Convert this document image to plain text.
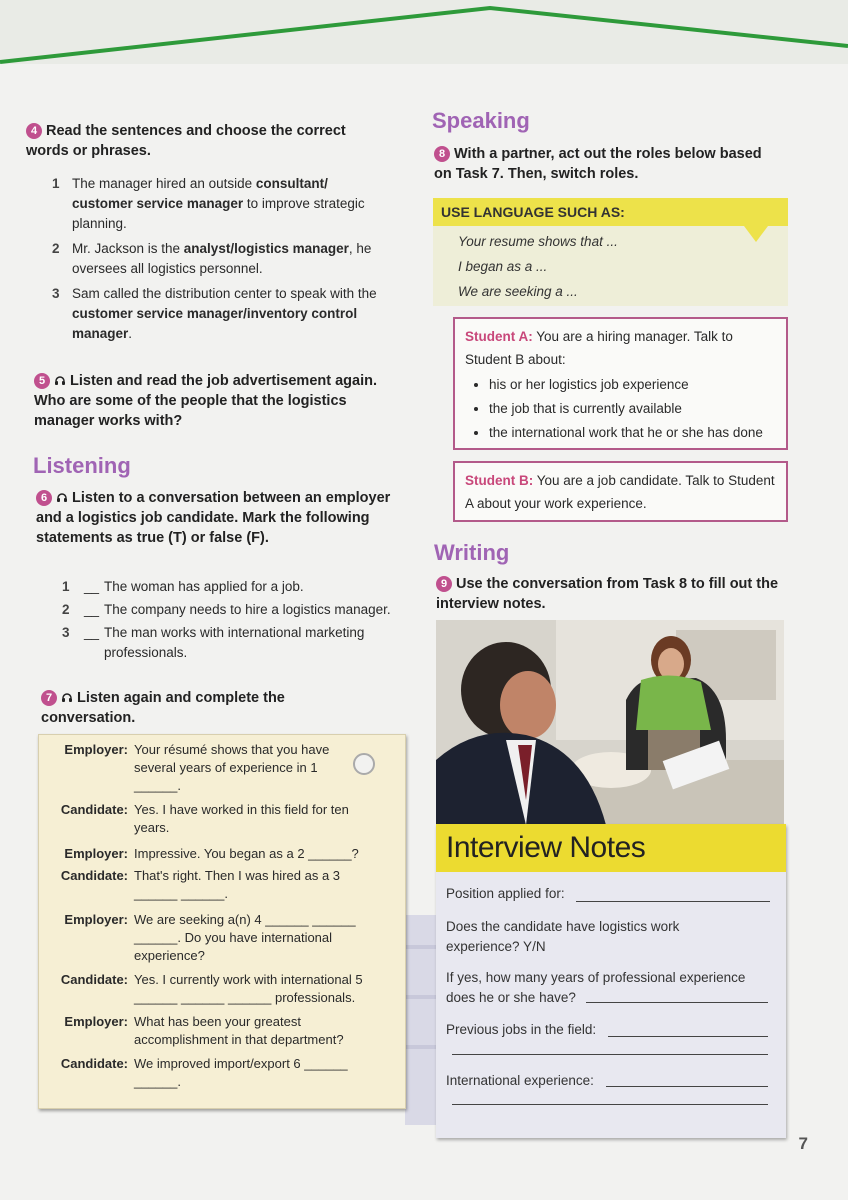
4 Read the sentences and choose the correct words or phrases.
1 The manager hired an outside consultant/ customer service manager to improve strategic planning.
2 Mr. Jackson is the analyst/logistics manager, he oversees all logistics personnel.
3 Sam called the distribution center to speak with the customer service manager/inventory control manager.
5 Listen and read the job advertisement again. Who are some of the people that the logistics manager works with?
Listening
6 Listen to a conversation between an employer and a logistics job candidate. Mark the following statements as true (T) or false (F).
1	__ The woman has applied for a job.
2	__ The company needs to hire a logistics manager.
3	__ The man works with international marketing professionals.
7 Listen again and complete the conversation.
Employer: Your résumé shows that you have several years of experience in 1 ______.
Candidate: Yes. I have worked in this field for ten years.
Employer: Impressive. You began as a 2 ______?
Candidate: That's right. Then I was hired as a 3 ______ ______.
Employer: We are seeking a(n) 4 ______ ______ ______. Do you have international experience?
Candidate: Yes. I currently work with international 5 ______ ______ ______ professionals.
Employer: What has been your greatest accomplishment in that department?
Candidate: We improved import/export 6 ______ ______.
Speaking
8 With a partner, act out the roles below based on Task 7. Then, switch roles.
USE LANGUAGE SUCH AS:
Your resume shows that ...
I began as a ...
We are seeking a ...
Student A: You are a hiring manager. Talk to Student B about:
• his or her logistics job experience
• the job that is currently available
• the international work that he or she has done
Student B: You are a job candidate. Talk to Student A about your work experience.
Writing
9 Use the conversation from Task 8 to fill out the interview notes.
Interview Notes
Position applied for:
Does the candidate have logistics work experience? Y/N
If yes, how many years of professional experience does he or she have?
Previous jobs in the field:
International experience:
7
